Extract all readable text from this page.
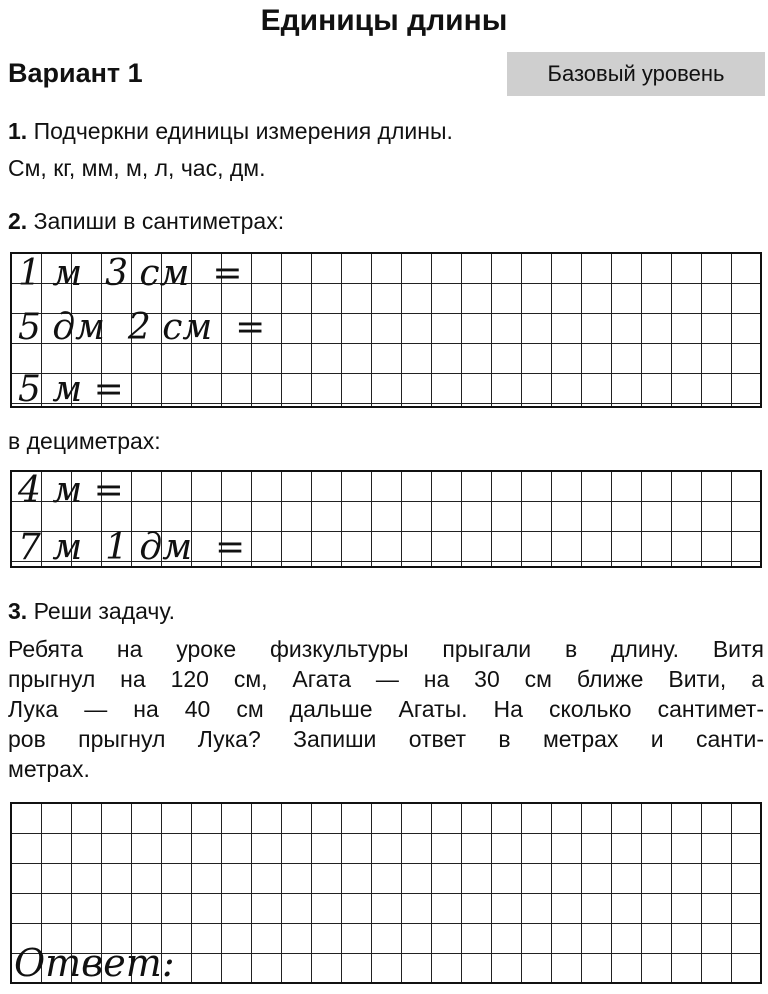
Единицы длины
Вариант 1	Базовый уровень
1. Подчеркни единицы измерения длины.
См, кг, мм, м, л, час, дм.
2. Запиши в сантиметрах:
1 м  3 см  =
5 дм  2 см  =
5 м =
в дециметрах:
4 м =
7 м  1 дм  =
3. Реши задачу.
Ребята на уроке физкультуры прыгали в длину. Витя
прыгнул на 120 см, Агата — на 30 см ближе Вити, а
Лука — на 40 см дальше Агаты. На сколько сантимет-
ров прыгнул Лука? Запиши ответ в метрах и санти-
метрах.
Ответ:
